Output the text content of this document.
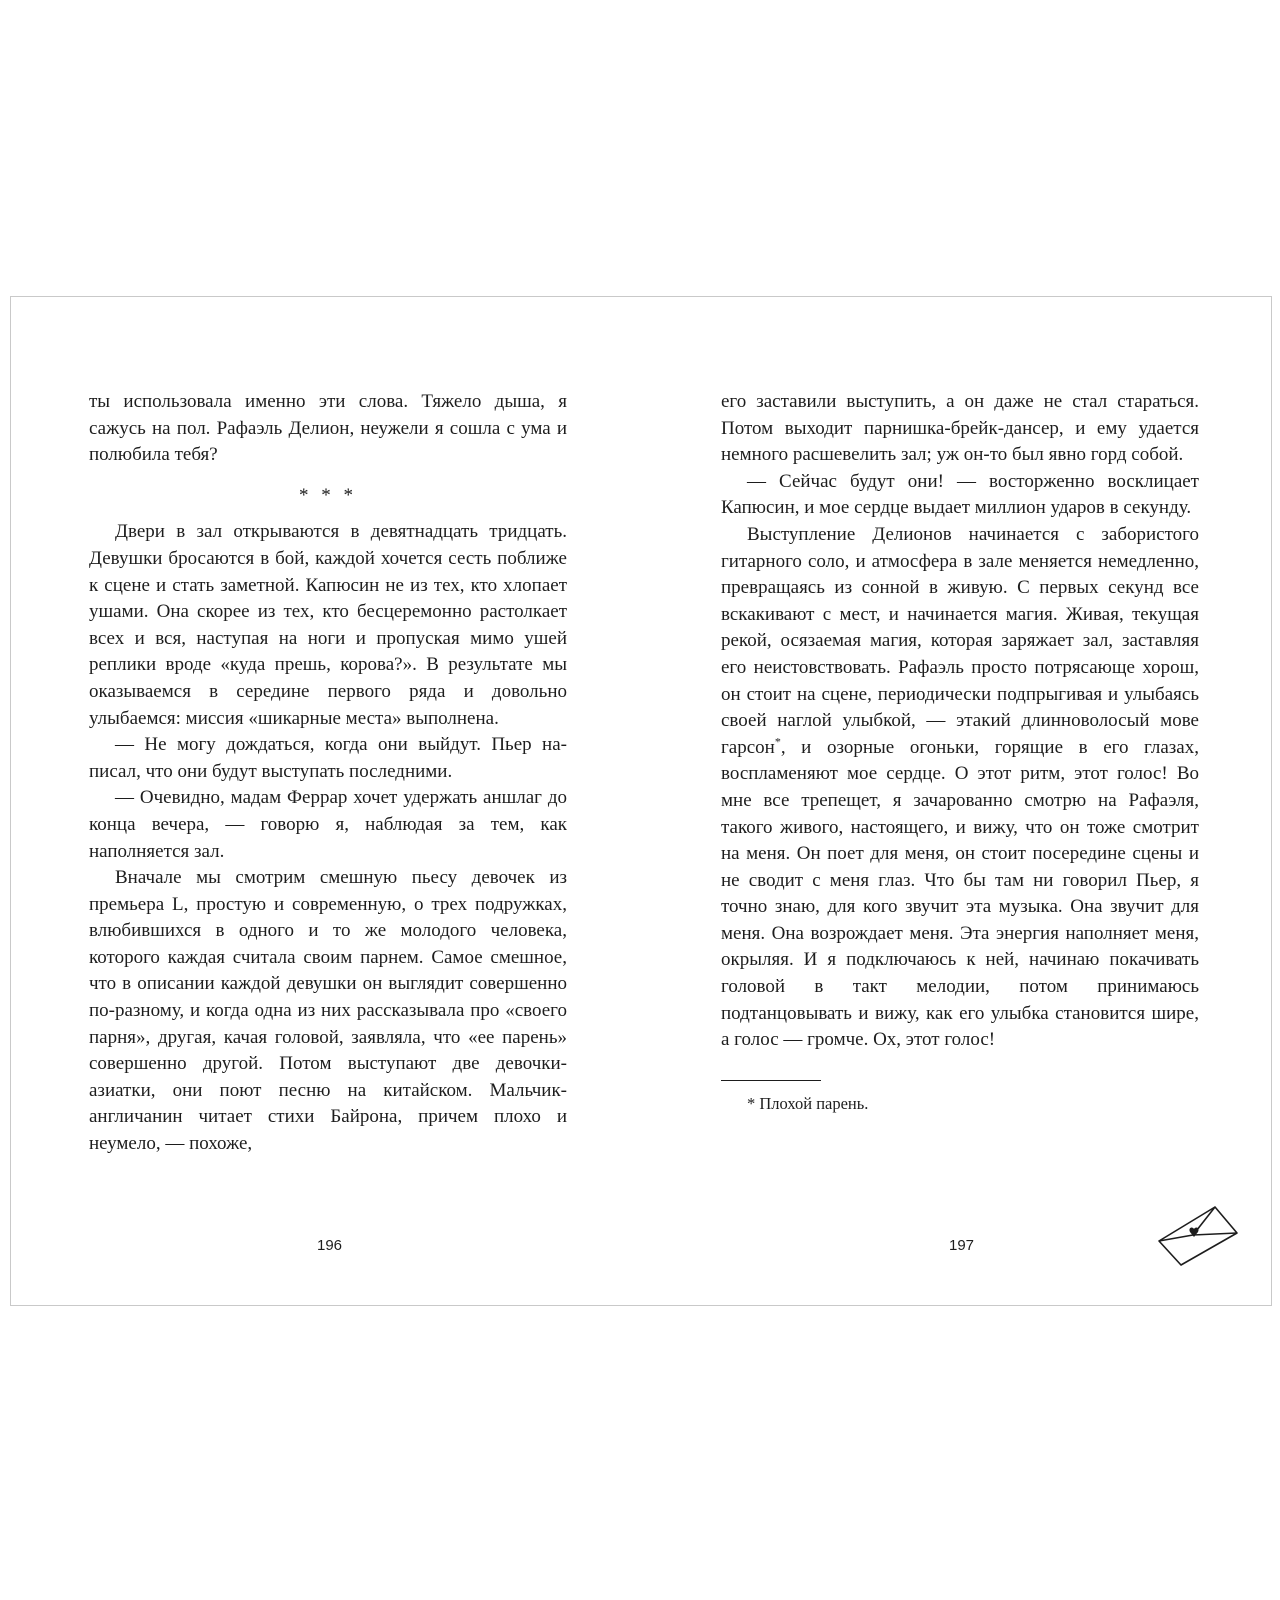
ты использовала именно эти слова. Тяжело дыша, я сажусь на пол. Рафаэль Делион, неужели я сошла с ума и полюбила тебя?

* * *

Двери в зал открываются в девятнадцать тридцать. Девушки бросаются в бой, каждой хочется сесть поближе к сцене и стать заметной. Капюсин не из тех, кто хлопает ушами. Она скорее из тех, кто бесцеремонно растолкает всех и вся, наступая на ноги и пропуская мимо ушей реплики вроде «куда прешь, корова?». В результате мы оказываемся в середине первого ряда и довольно улыбаемся: миссия «шикарные места» выполнена.

— Не могу дождаться, когда они выйдут. Пьер написал, что они будут выступать последними.

— Очевидно, мадам Феррар хочет удержать аншлаг до конца вечера, — говорю я, наблюдая за тем, как наполняется зал.

Вначале мы смотрим смешную пьесу девочек из премьера L, простую и современную, о трех подружках, влюбившихся в одного и то же молодого человека, которого каждая считала своим парнем. Самое смешное, что в описании каждой девушки он выглядит совершенно по-разному, и когда одна из них рассказывала про «своего парня», другая, качая головой, заявляла, что «ее парень» совершенно другой. Потом выступают две девочки-азиатки, они поют песню на китайском. Мальчик-англичанин читает стихи Байрона, причем плохо и неумело, — похоже,

его заставили выступить, а он даже не стал стараться. Потом выходит парнишка-брейк-дансер, и ему удается немного расшевелить зал; уж он-то был явно горд собой.

— Сейчас будут они! — восторженно восклицает Капюсин, и мое сердце выдает миллион ударов в секунду.

Выступление Делионов начинается с забористого гитарного соло, и атмосфера в зале меняется немедленно, превращаясь из сонной в живую. С первых секунд все вскакивают с мест, и начинается магия. Живая, текущая рекой, осязаемая магия, которая заряжает зал, заставляя его неистовствовать. Рафаэль просто потрясающе хорош, он стоит на сцене, периодически подпрыгивая и улыбаясь своей наглой улыбкой, — этакий длинноволосый мове гарсон*, и озорные огоньки, горящие в его глазах, воспламеняют мое сердце. О этот ритм, этот голос! Во мне все трепещет, я зачарованно смотрю на Рафаэля, такого живого, настоящего, и вижу, что он тоже смотрит на меня. Он поет для меня, он стоит посередине сцены и не сводит с меня глаз. Что бы там ни говорил Пьер, я точно знаю, для кого звучит эта музыка. Она звучит для меня. Она возрождает меня. Эта энергия наполняет меня, окрыляя. И я подключаюсь к ней, начинаю покачивать головой в такт мелодии, потом принимаюсь подтанцовывать и вижу, как его улыбка становится шире, а голос — громче. Ох, этот голос!

* Плохой парень.
196	197
